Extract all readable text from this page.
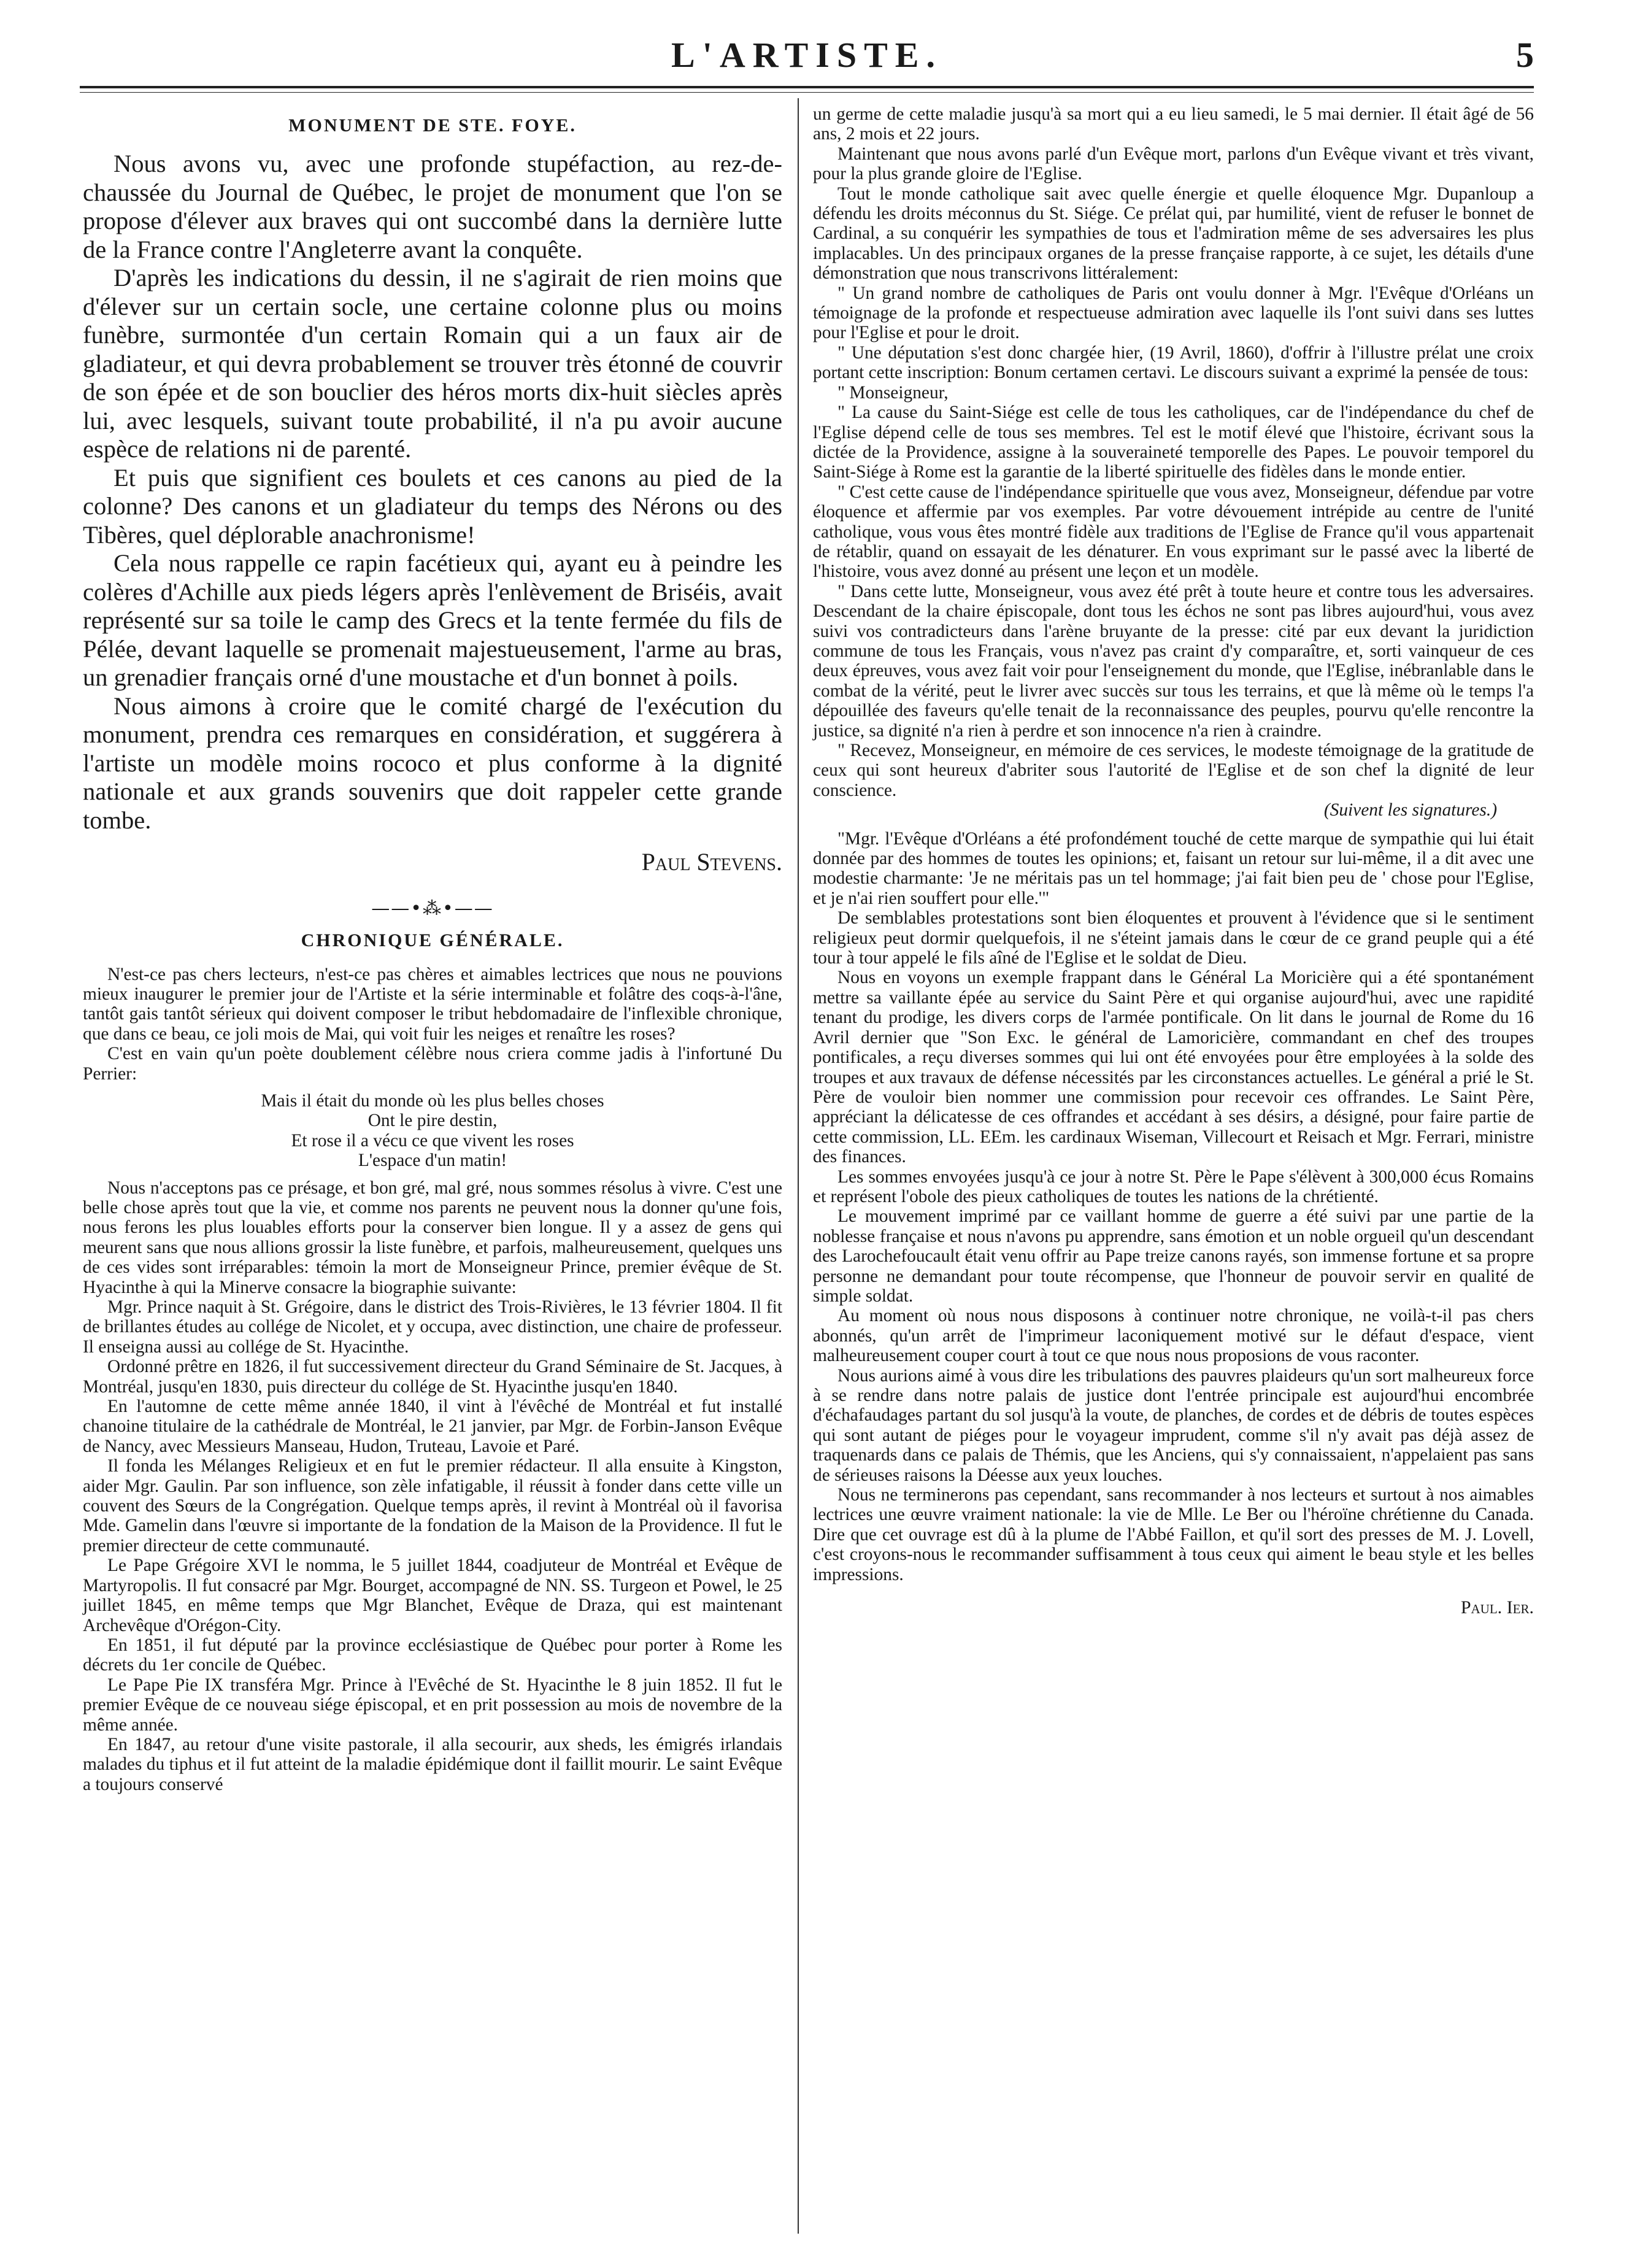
L'ARTISTE.	5
MONUMENT DE STE. FOYE.

Nous avons vu, avec une profonde stupéfaction, au rez-de-chaussée du Journal de Québec, le projet de monument que l'on se propose d'élever aux braves qui ont succombé dans la dernière lutte de la France contre l'Angleterre avant la conquête.

D'après les indications du dessin, il ne s'agirait de rien moins que d'élever sur un certain socle, une certaine colonne plus ou moins funèbre, surmontée d'un certain Romain qui a un faux air de gladiateur, et qui devra probablement se trouver très étonné de couvrir de son épée et de son bouclier des héros morts dix-huit siècles après lui, avec lesquels, suivant toute probabilité, il n'a pu avoir aucune espèce de relations ni de parenté.

Et puis que signifient ces boulets et ces canons au pied de la colonne? Des canons et un gladiateur du temps des Nérons ou des Tibères, quel déplorable anachronisme!

Cela nous rappelle ce rapin facétieux qui, ayant eu à peindre les colères d'Achille aux pieds légers après l'enlèvement de Briséis, avait représenté sur sa toile le camp des Grecs et la tente fermée du fils de Pélée, devant laquelle se promenait majestueusement, l'arme au bras, un grenadier français orné d'une moustache et d'un bonnet à poils.

Nous aimons à croire que le comité chargé de l'exécution du monument, prendra ces remarques en considération, et suggérera à l'artiste un modèle moins rococo et plus conforme à la dignité nationale et aux grands souvenirs que doit rappeler cette grande tombe.

Paul Stevens.

——•⁂•——
CHRONIQUE GÉNÉRALE.

N'est-ce pas chers lecteurs, n'est-ce pas chères et aimables lectrices que nous ne pouvions mieux inaugurer le premier jour de l'Artiste et la série interminable et folâtre des coqs-à-l'âne, tantôt gais tantôt sérieux qui doivent composer le tribut hebdomadaire de l'inflexible chronique, que dans ce beau, ce joli mois de Mai, qui voit fuir les neiges et renaître les roses?

C'est en vain qu'un poète doublement célèbre nous criera comme jadis à l'infortuné Du Perrier:

Mais il était du monde où les plus belles choses

Ont le pire destin,

Et rose il a vécu ce que vivent les roses

L'espace d'un matin!

Nous n'acceptons pas ce présage, et bon gré, mal gré, nous sommes résolus à vivre. C'est une belle chose après tout que la vie, et comme nos parents ne peuvent nous la donner qu'une fois, nous ferons les plus louables efforts pour la conserver bien longue. Il y a assez de gens qui meurent sans que nous allions grossir la liste funèbre, et parfois, malheureusement, quelques uns de ces vides sont irréparables: témoin la mort de Monseigneur Prince, premier évêque de St. Hyacinthe à qui la Minerve consacre la biographie suivante:

Mgr. Prince naquit à St. Grégoire, dans le district des Trois-Rivières, le 13 février 1804. Il fit de brillantes études au collége de Nicolet, et y occupa, avec distinction, une chaire de professeur. Il enseigna aussi au collége de St. Hyacinthe.

Ordonné prêtre en 1826, il fut successivement directeur du Grand Séminaire de St. Jacques, à Montréal, jusqu'en 1830, puis directeur du collége de St. Hyacinthe jusqu'en 1840.

En l'automne de cette même année 1840, il vint à l'évêché de Montréal et fut installé chanoine titulaire de la cathédrale de Montréal, le 21 janvier, par Mgr. de Forbin-Janson Evêque de Nancy, avec Messieurs Manseau, Hudon, Truteau, Lavoie et Paré.

Il fonda les Mélanges Religieux et en fut le premier rédacteur. Il alla ensuite à Kingston, aider Mgr. Gaulin. Par son influence, son zèle infatigable, il réussit à fonder dans cette ville un couvent des Sœurs de la Congrégation. Quelque temps après, il revint à Montréal où il favorisa Mde. Gamelin dans l'œuvre si importante de la fondation de la Maison de la Providence. Il fut le premier directeur de cette communauté.

Le Pape Grégoire XVI le nomma, le 5 juillet 1844, coadjuteur de Montréal et Evêque de Martyropolis. Il fut consacré par Mgr. Bourget, accompagné de NN. SS. Turgeon et Powel, le 25 juillet 1845, en même temps que Mgr Blanchet, Evêque de Draza, qui est maintenant Archevêque d'Orégon-City.

En 1851, il fut député par la province ecclésiastique de Québec pour porter à Rome les décrets du 1er concile de Québec.

Le Pape Pie IX transféra Mgr. Prince à l'Evêché de St. Hyacinthe le 8 juin 1852. Il fut le premier Evêque de ce nouveau siége épiscopal, et en prit possession au mois de novembre de la même année.

En 1847, au retour d'une visite pastorale, il alla secourir, aux sheds, les émigrés irlandais malades du tiphus et il fut atteint de la maladie épidémique dont il faillit mourir. Le saint Evêque a toujours conservé

un germe de cette maladie jusqu'à sa mort qui a eu lieu samedi, le 5 mai dernier. Il était âgé de 56 ans, 2 mois et 22 jours.

Maintenant que nous avons parlé d'un Evêque mort, parlons d'un Evêque vivant et très vivant, pour la plus grande gloire de l'Eglise.

Tout le monde catholique sait avec quelle énergie et quelle éloquence Mgr. Dupanloup a défendu les droits méconnus du St. Siége. Ce prélat qui, par humilité, vient de refuser le bonnet de Cardinal, a su conquérir les sympathies de tous et l'admiration même de ses adversaires les plus implacables. Un des principaux organes de la presse française rapporte, à ce sujet, les détails d'une démonstration que nous transcrivons littéralement:

" Un grand nombre de catholiques de Paris ont voulu donner à Mgr. l'Evêque d'Orléans un témoignage de la profonde et respectueuse admiration avec laquelle ils l'ont suivi dans ses luttes pour l'Eglise et pour le droit.

" Une députation s'est donc chargée hier, (19 Avril, 1860), d'offrir à l'illustre prélat une croix portant cette inscription: Bonum certamen certavi. Le discours suivant a exprimé la pensée de tous:

" Monseigneur,

" La cause du Saint-Siége est celle de tous les catholiques, car de l'indépendance du chef de l'Eglise dépend celle de tous ses membres. Tel est le motif élevé que l'histoire, écrivant sous la dictée de la Providence, assigne à la souveraineté temporelle des Papes. Le pouvoir temporel du Saint-Siége à Rome est la garantie de la liberté spirituelle des fidèles dans le monde entier.

" C'est cette cause de l'indépendance spirituelle que vous avez, Monseigneur, défendue par votre éloquence et affermie par vos exemples. Par votre dévouement intrépide au centre de l'unité catholique, vous vous êtes montré fidèle aux traditions de l'Eglise de France qu'il vous appartenait de rétablir, quand on essayait de les dénaturer. En vous exprimant sur le passé avec la liberté de l'histoire, vous avez donné au présent une leçon et un modèle.

" Dans cette lutte, Monseigneur, vous avez été prêt à toute heure et contre tous les adversaires. Descendant de la chaire épiscopale, dont tous les échos ne sont pas libres aujourd'hui, vous avez suivi vos contradicteurs dans l'arène bruyante de la presse: cité par eux devant la juridiction commune de tous les Français, vous n'avez pas craint d'y comparaître, et, sorti vainqueur de ces deux épreuves, vous avez fait voir pour l'enseignement du monde, que l'Eglise, inébranlable dans le combat de la vérité, peut le livrer avec succès sur tous les terrains, et que là même où le temps l'a dépouillée des faveurs qu'elle tenait de la reconnaissance des peuples, pourvu qu'elle rencontre la justice, sa dignité n'a rien à perdre et son innocence n'a rien à craindre.

" Recevez, Monseigneur, en mémoire de ces services, le modeste témoignage de la gratitude de ceux qui sont heureux d'abriter sous l'autorité de l'Eglise et de son chef la dignité de leur conscience.

(Suivent les signatures.)

"Mgr. l'Evêque d'Orléans a été profondément touché de cette marque de sympathie qui lui était donnée par des hommes de toutes les opinions; et, faisant un retour sur lui-même, il a dit avec une modestie charmante: 'Je ne méritais pas un tel hommage; j'ai fait bien peu de ' chose pour l'Eglise, et je n'ai rien souffert pour elle.'"

De semblables protestations sont bien éloquentes et prouvent à l'évidence que si le sentiment religieux peut dormir quelquefois, il ne s'éteint jamais dans le cœur de ce grand peuple qui a été tour à tour appelé le fils aîné de l'Eglise et le soldat de Dieu.

Nous en voyons un exemple frappant dans le Général La Moricière qui a été spontanément mettre sa vaillante épée au service du Saint Père et qui organise aujourd'hui, avec une rapidité tenant du prodige, les divers corps de l'armée pontificale. On lit dans le journal de Rome du 16 Avril dernier que "Son Exc. le général de Lamoricière, commandant en chef des troupes pontificales, a reçu diverses sommes qui lui ont été envoyées pour être employées à la solde des troupes et aux travaux de défense nécessités par les circonstances actuelles. Le général a prié le St. Père de vouloir bien nommer une commission pour recevoir ces offrandes. Le Saint Père, appréciant la délicatesse de ces offrandes et accédant à ses désirs, a désigné, pour faire partie de cette commission, LL. EEm. les cardinaux Wiseman, Villecourt et Reisach et Mgr. Ferrari, ministre des finances.

Les sommes envoyées jusqu'à ce jour à notre St. Père le Pape s'élèvent à 300,000 écus Romains et représent l'obole des pieux catholiques de toutes les nations de la chrétienté.

Le mouvement imprimé par ce vaillant homme de guerre a été suivi par une partie de la noblesse française et nous n'avons pu apprendre, sans émotion et un noble orgueil qu'un descendant des Larochefoucault était venu offrir au Pape treize canons rayés, son immense fortune et sa propre personne ne demandant pour toute récompense, que l'honneur de pouvoir servir en qualité de simple soldat.

Au moment où nous nous disposons à continuer notre chronique, ne voilà-t-il pas chers abonnés, qu'un arrêt de l'imprimeur laconiquement motivé sur le défaut d'espace, vient malheureusement couper court à tout ce que nous nous proposions de vous raconter.

Nous aurions aimé à vous dire les tribulations des pauvres plaideurs qu'un sort malheureux force à se rendre dans notre palais de justice dont l'entrée principale est aujourd'hui encombrée d'échafaudages partant du sol jusqu'à la voute, de planches, de cordes et de débris de toutes espèces qui sont autant de piéges pour le voyageur imprudent, comme s'il n'y avait pas déjà assez de traquenards dans ce palais de Thémis, que les Anciens, qui s'y connaissaient, n'appelaient pas sans de sérieuses raisons la Déesse aux yeux louches.

Nous ne terminerons pas cependant, sans recommander à nos lecteurs et surtout à nos aimables lectrices une œuvre vraiment nationale: la vie de Mlle. Le Ber ou l'héroïne chrétienne du Canada. Dire que cet ouvrage est dû à la plume de l'Abbé Faillon, et qu'il sort des presses de M. J. Lovell, c'est croyons-nous le recommander suffisamment à tous ceux qui aiment le beau style et les belles impressions.

Paul. Ier.
